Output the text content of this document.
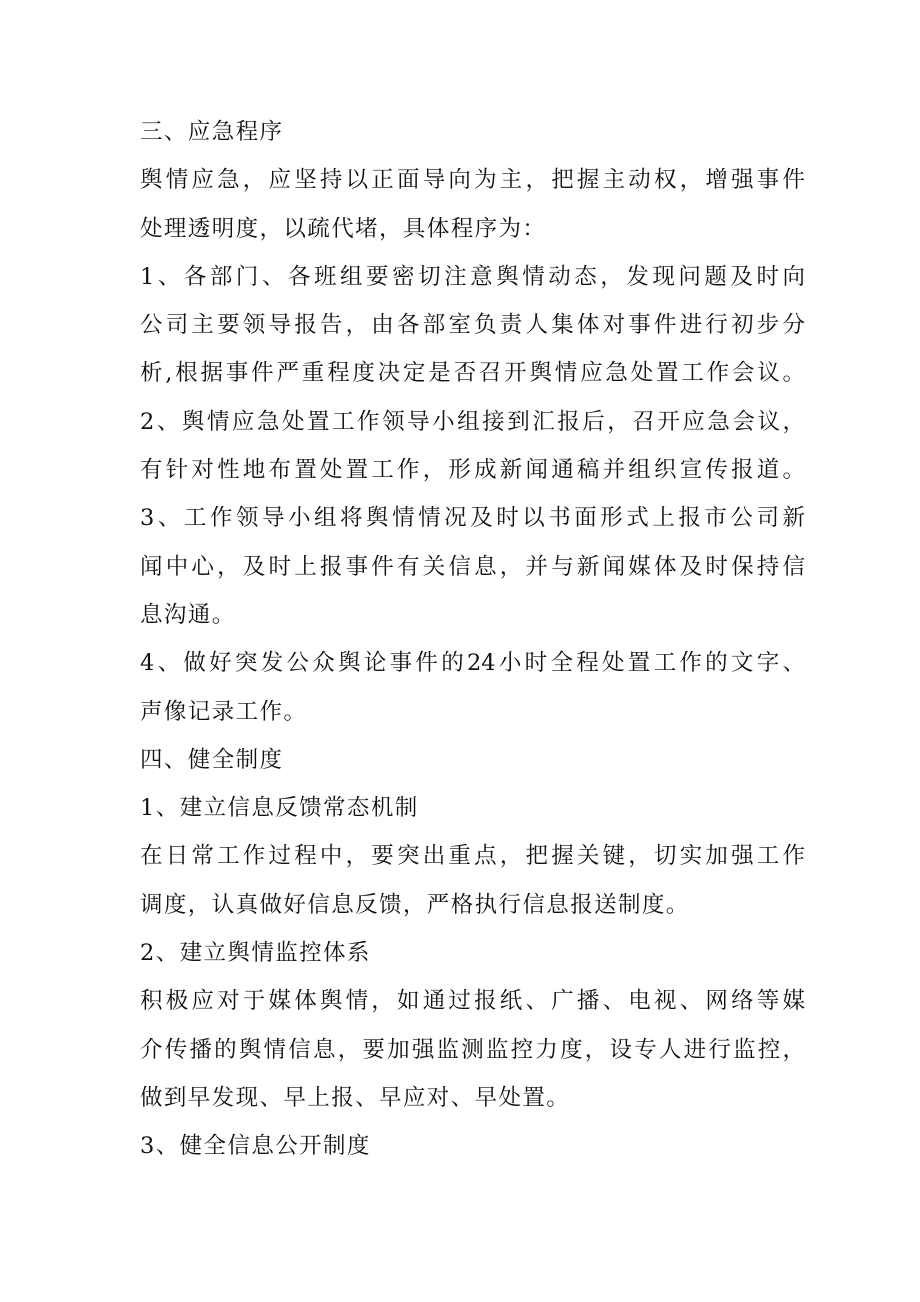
三、应急程序
舆情应急，应坚持以正面导向为主，把握主动权，增强事件
处理透明度，以疏代堵，具体程序为：
1、各部门、各班组要密切注意舆情动态，发现问题及时向
公司主要领导报告，由各部室负责人集体对事件进行初步分
析,根据事件严重程度决定是否召开舆情应急处置工作会议。
2、舆情应急处置工作领导小组接到汇报后，召开应急会议，
有针对性地布置处置工作，形成新闻通稿并组织宣传报道。
3、工作领导小组将舆情情况及时以书面形式上报市公司新
闻中心，及时上报事件有关信息，并与新闻媒体及时保持信
息沟通。
4、做好突发公众舆论事件的24小时全程处置工作的文字、
声像记录工作。
四、健全制度
1、建立信息反馈常态机制
在日常工作过程中，要突出重点，把握关键，切实加强工作
调度，认真做好信息反馈，严格执行信息报送制度。
2、建立舆情监控体系
积极应对于媒体舆情，如通过报纸、广播、电视、网络等媒
介传播的舆情信息，要加强监测监控力度，设专人进行监控，
做到早发现、早上报、早应对、早处置。
3、健全信息公开制度
